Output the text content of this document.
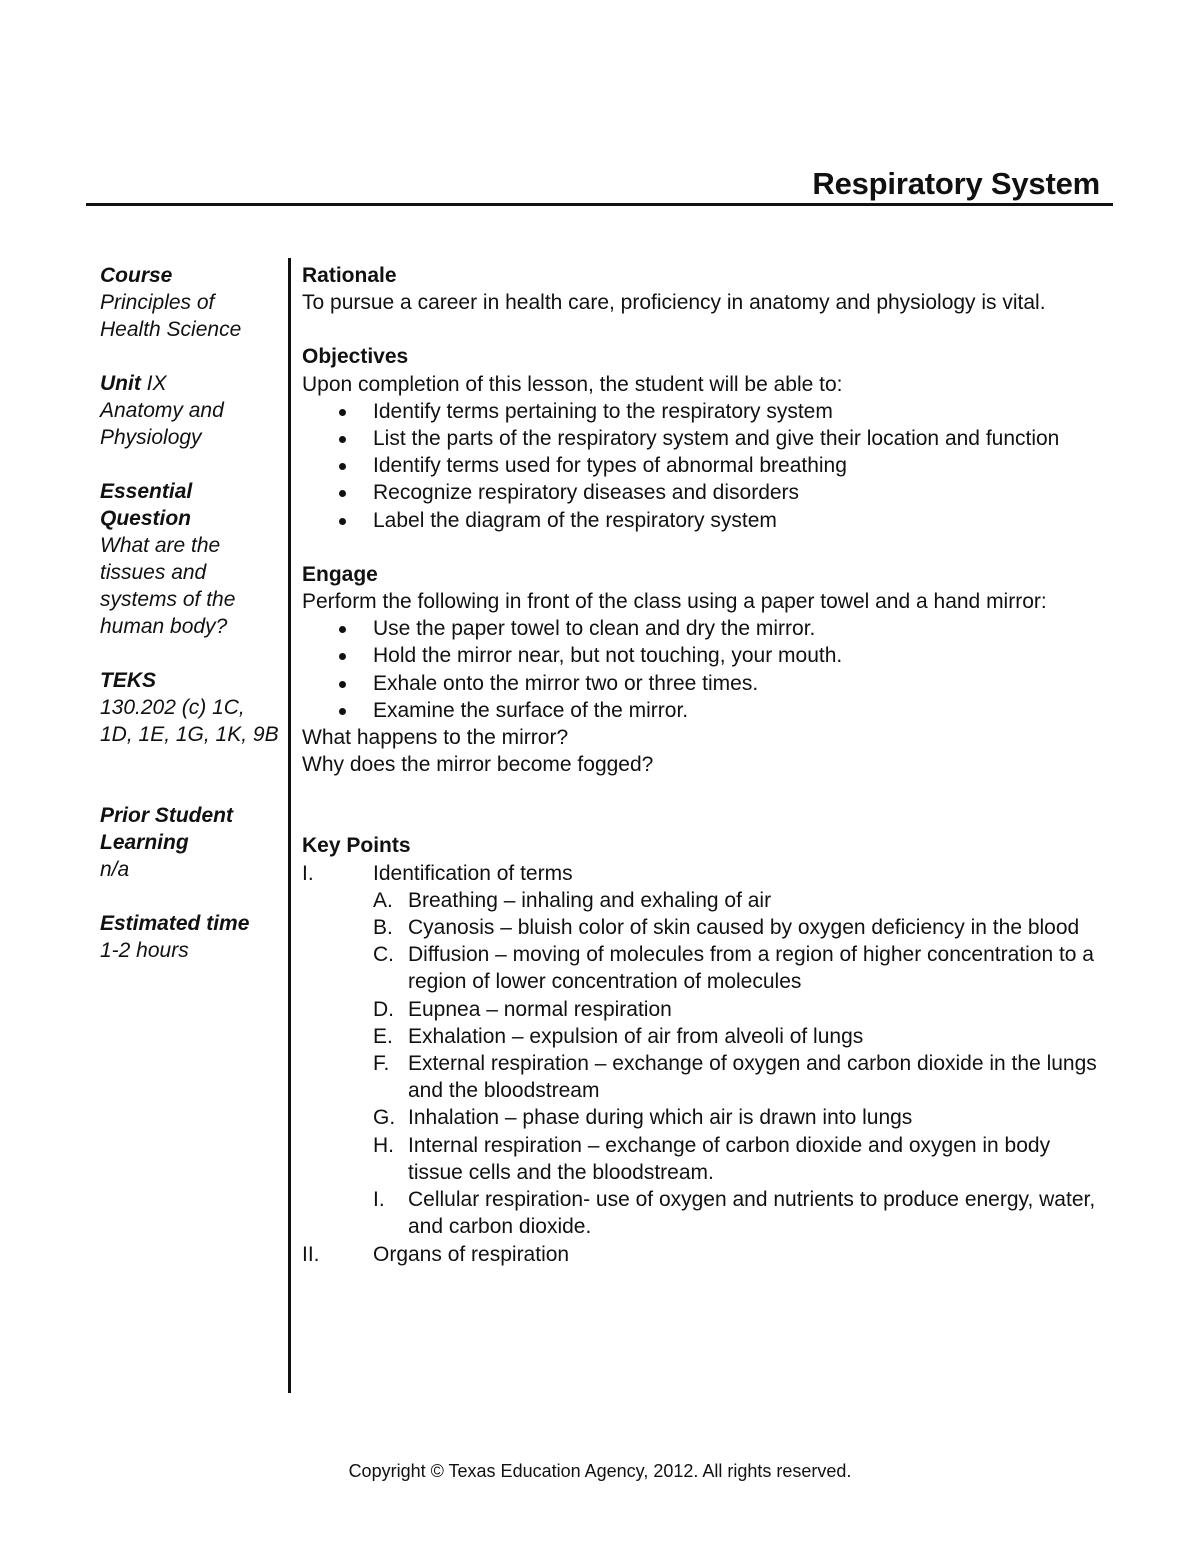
Respiratory System

Course
Principles of Health Science

Unit IX
Anatomy and Physiology

Essential Question
What are the tissues and systems of the human body?

TEKS
130.202 (c) 1C, 1D, 1E, 1G, 1K, 9B

Prior Student Learning
n/a

Estimated time
1-2 hours

Rationale
To pursue a career in health care, proficiency in anatomy and physiology is vital.
Objectives
Upon completion of this lesson, the student will be able to:
Identify terms pertaining to the respiratory system
List the parts of the respiratory system and give their location and function
Identify terms used for types of abnormal breathing
Recognize respiratory diseases and disorders
Label the diagram of the respiratory system
Engage
Perform the following in front of the class using a paper towel and a hand mirror:
Use the paper towel to clean and dry the mirror.
Hold the mirror near, but not touching, your mouth.
Exhale onto the mirror two or three times.
Examine the surface of the mirror.
What happens to the mirror?
Why does the mirror become fogged?
Key Points
I.	Identification of terms
A. Breathing – inhaling and exhaling of air
B. Cyanosis – bluish color of skin caused by oxygen deficiency in the blood
C. Diffusion – moving of molecules from a region of higher concentration to a region of lower concentration of molecules
D. Eupnea – normal respiration
E. Exhalation – expulsion of air from alveoli of lungs
F. External respiration – exchange of oxygen and carbon dioxide in the lungs and the bloodstream
G. Inhalation – phase during which air is drawn into lungs
H. Internal respiration – exchange of carbon dioxide and oxygen in body tissue cells and the bloodstream.
I. Cellular respiration- use of oxygen and nutrients to produce energy, water, and carbon dioxide.
II.	Organs of respiration
Copyright © Texas Education Agency, 2012. All rights reserved.
